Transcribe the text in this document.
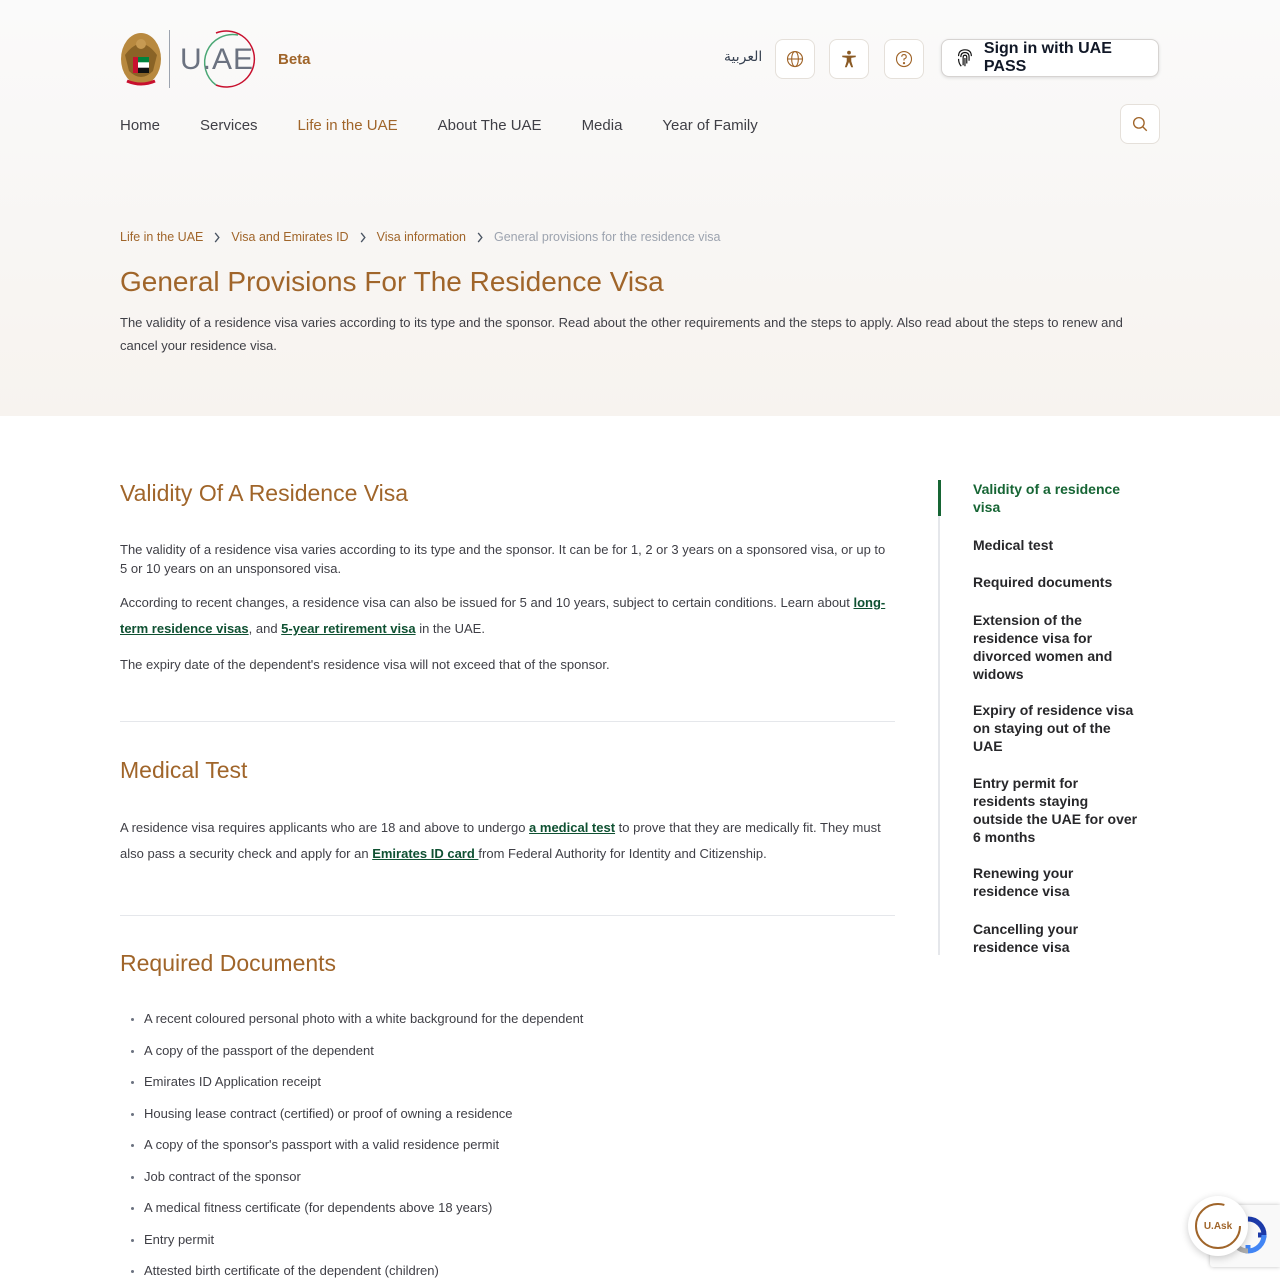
U.AE Beta	العربية	Sign in with UAE PASS
Home	Services	Life in the UAE	About The UAE	Media	Year of Family
Life in the UAE Visa and Emirates ID Visa information General provisions for the residence visa
General Provisions For The Residence Visa

The validity of a residence visa varies according to its type and the sponsor. Read about the other requirements and the steps to apply. Also read about the steps to renew and cancel your residence visa.

Validity Of A Residence Visa

The validity of a residence visa varies according to its type and the sponsor. It can be for 1, 2 or 3 years on a sponsored visa, or up to 5 or 10 years on an unsponsored visa.

According to recent changes, a residence visa can also be issued for 5 and 10 years, subject to certain conditions. Learn about long-term residence visas, and 5-year retirement visa in the UAE.

The expiry date of the dependent's residence visa will not exceed that of the sponsor.

Medical Test

A residence visa requires applicants who are 18 and above to undergo a medical test to prove that they are medically fit. They must also pass a security check and apply for an Emirates ID card from Federal Authority for Identity and Citizenship.

Required Documents
• A recent coloured personal photo with a white background for the dependent
• A copy of the passport of the dependent
• Emirates ID Application receipt
• Housing lease contract (certified) or proof of owning a residence
• A copy of the sponsor's passport with a valid residence permit
• Job contract of the sponsor
• A medical fitness certificate (for dependents above 18 years)
• Entry permit
• Attested birth certificate of the dependent (children)
Validity of a residence visa
Medical test
Required documents
Extension of the residence visa for divorced women and widows
Expiry of residence visa on staying out of the UAE
Entry permit for residents staying outside the UAE for over 6 months
Renewing your residence visa
Cancelling your residence visa
U.Ask
